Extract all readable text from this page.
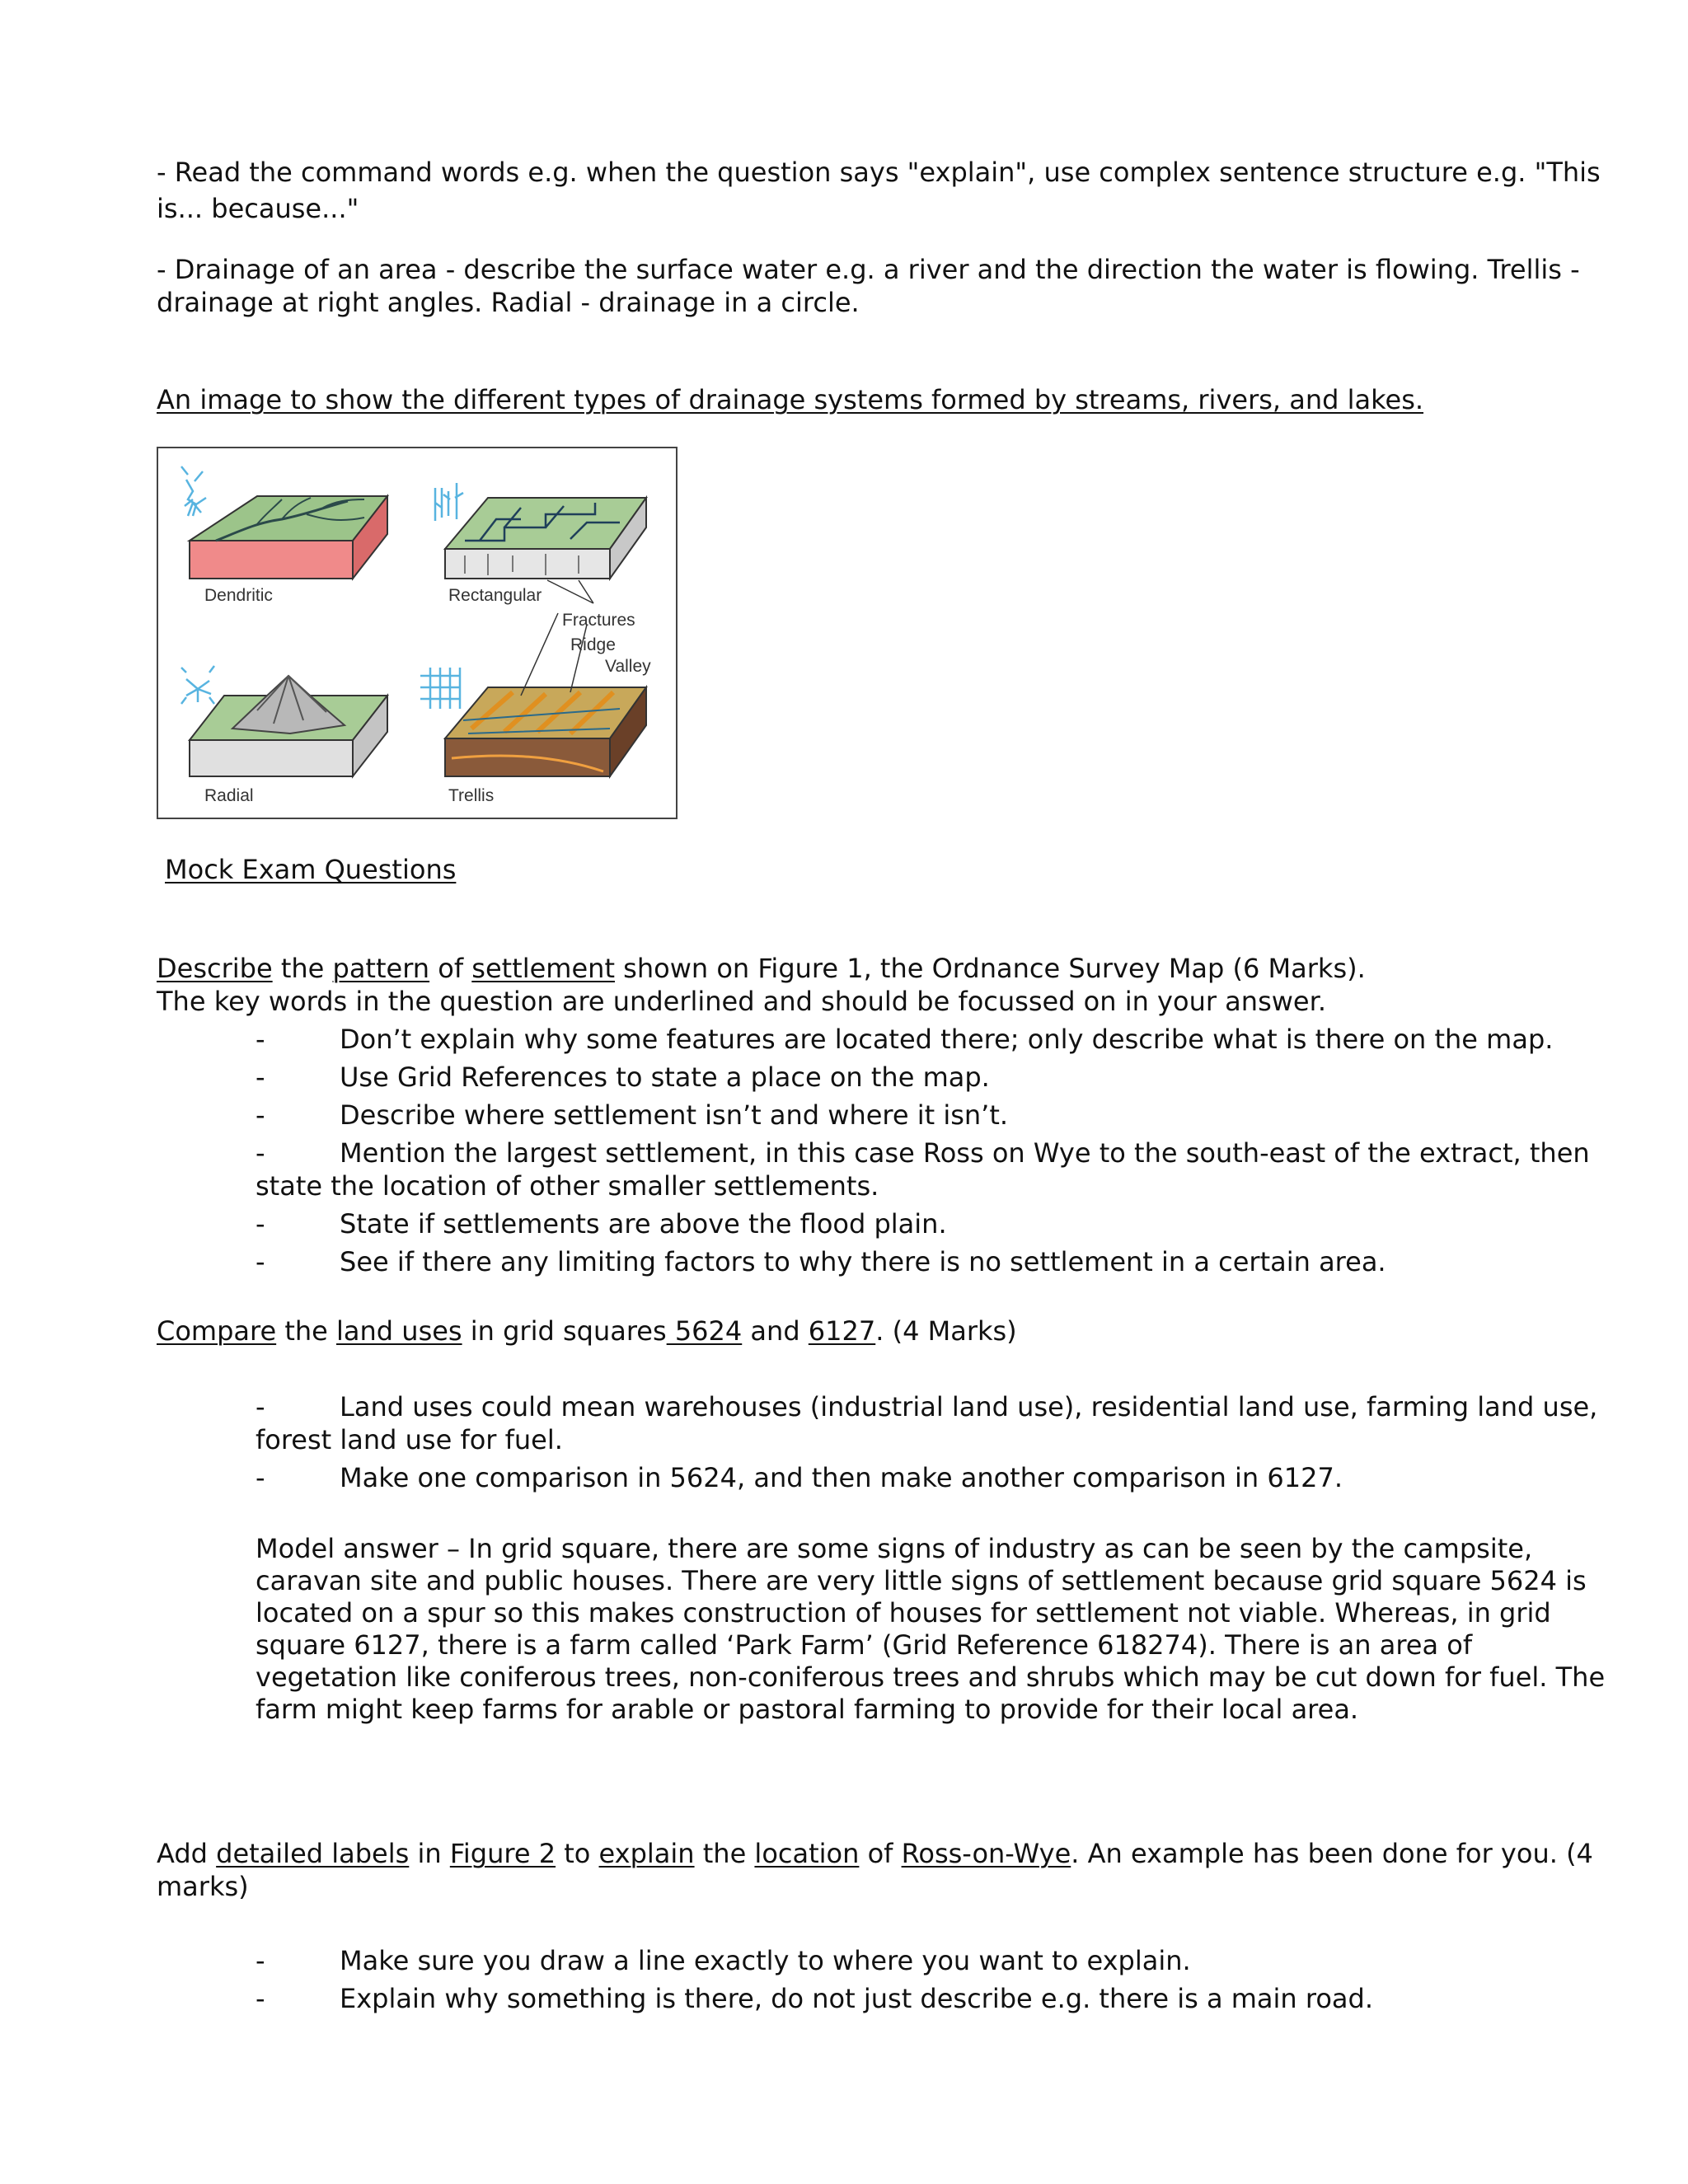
- Read the command words e.g. when the question says "explain", use complex sentence structure e.g. "This

is... because..."

- Drainage of an area - describe the surface water e.g. a river and the direction the water is flowing. Trellis -

drainage at right angles. Radial - drainage in a circle.

An image to show the different types of drainage systems formed by streams, rivers, and lakes.

Dendritic	Rectangular
Fractures
Ridge
Valley
Radial	Trellis

Mock Exam Questions

Describe the pattern of settlement shown on Figure 1, the Ordnance Survey Map (6 Marks).

The key words in the question are underlined and should be focussed on in your answer.

-	Don’t explain why some features are located there; only describe what is there on the map.
-	Use Grid References to state a place on the map.
-	Describe where settlement isn’t and where it isn’t.
-	Mention the largest settlement, in this case Ross on Wye to the south-east of the extract, then
state the location of other smaller settlements.
-	State if settlements are above the flood plain.
-	See if there any limiting factors to why there is no settlement in a certain area.

Compare the land uses in grid squares 5624 and 6127. (4 Marks)

-	Land uses could mean warehouses (industrial land use), residential land use, farming land use,
forest land use for fuel.
-	Make one comparison in 5624, and then make another comparison in 6127.
Model answer – In grid square, there are some signs of industry as can be seen by the campsite,
caravan site and public houses. There are very little signs of settlement because grid square 5624 is
located on a spur so this makes construction of houses for settlement not viable. Whereas, in grid
square 6127, there is a farm called ‘Park Farm’ (Grid Reference 618274). There is an area of
vegetation like coniferous trees, non-coniferous trees and shrubs which may be cut down for fuel. The
farm might keep farms for arable or pastoral farming to provide for their local area.

Add detailed labels in Figure 2 to explain the location of Ross-on-Wye. An example has been done for you. (4

marks)

-	Make sure you draw a line exactly to where you want to explain.
-	Explain why something is there, do not just describe e.g. there is a main road.
